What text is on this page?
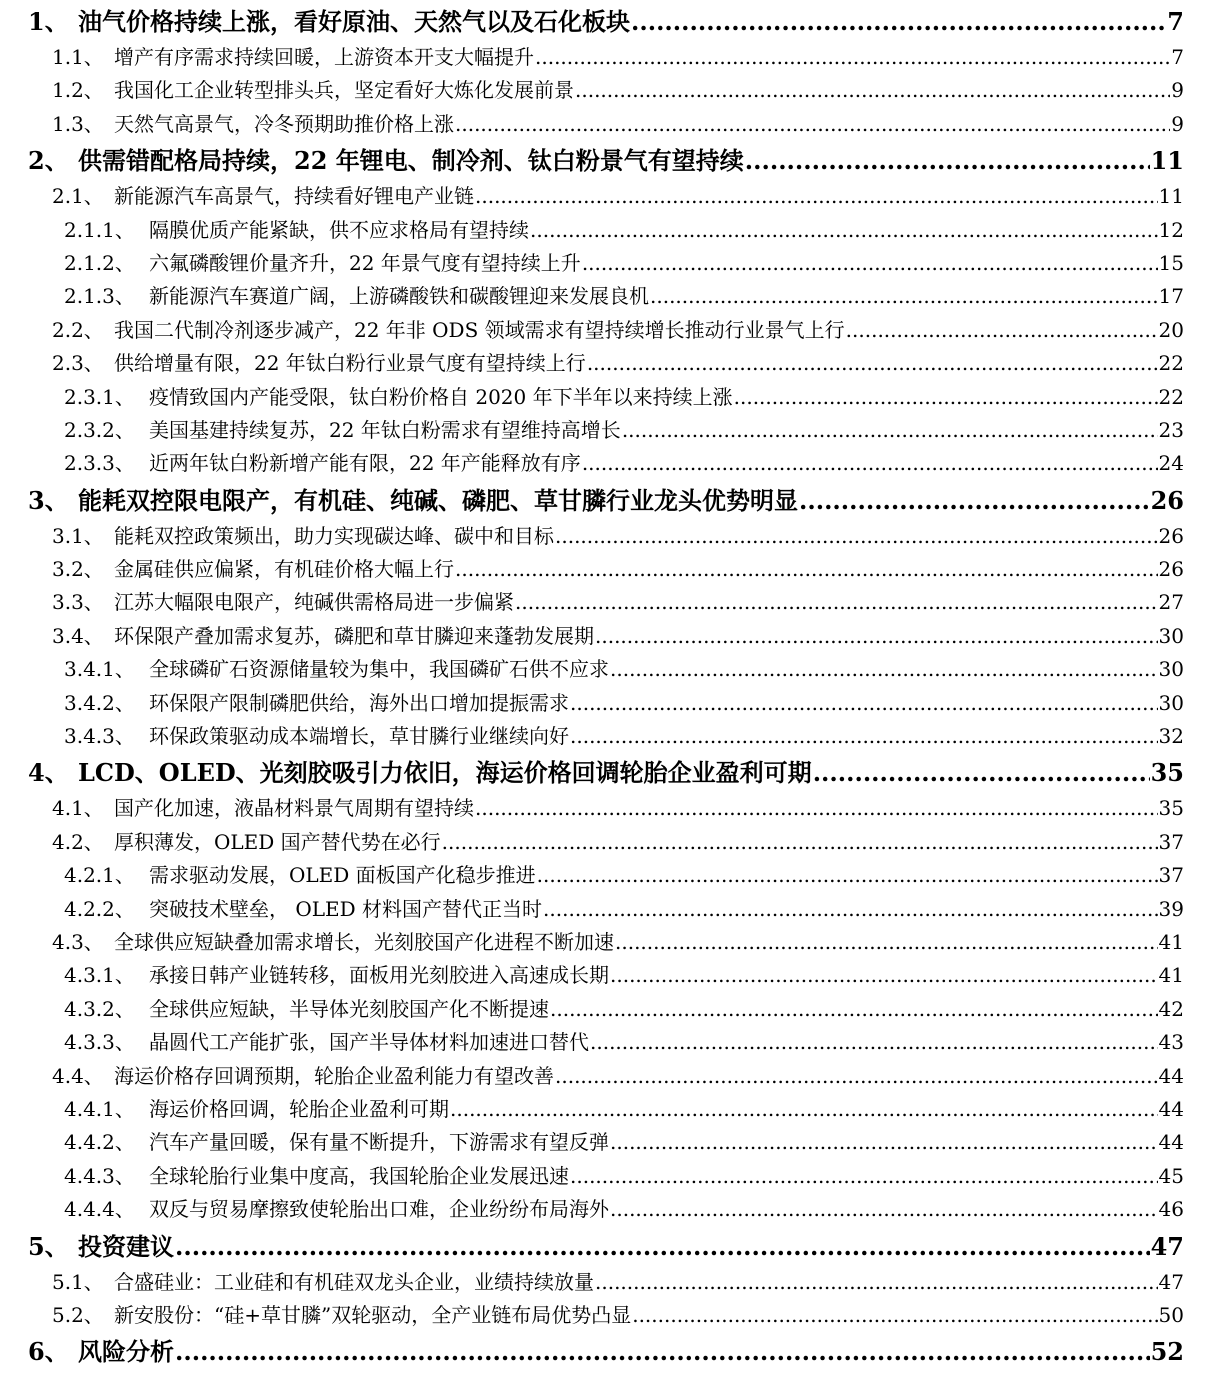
1、 油气价格持续上涨，看好原油、天然气以及石化板块 .....	7
1.1、 增产有序需求持续回暖，上游资本开支大幅提升 .....	7
1.2、 我国化工企业转型排头兵，坚定看好大炼化发展前景 .....	9
1.3、 天然气高景气，冷冬预期助推价格上涨 .....	9
2、 供需错配格局持续，22 年锂电、制冷剂、钛白粉景气有望持续 .....	11
2.1、 新能源汽车高景气，持续看好锂电产业链 .....	11
2.1.1、 隔膜优质产能紧缺，供不应求格局有望持续 .....	12
2.1.2、 六氟磷酸锂价量齐升，22 年景气度有望持续上升 .....	15
2.1.3、 新能源汽车赛道广阔，上游磷酸铁和碳酸锂迎来发展良机 .....	17
2.2、 我国二代制冷剂逐步减产，22 年非 ODS 领域需求有望持续增长推动行业景气上行 .....	20
2.3、 供给增量有限，22 年钛白粉行业景气度有望持续上行 .....	22
2.3.1、 疫情致国内产能受限，钛白粉价格自 2020 年下半年以来持续上涨 .....	22
2.3.2、 美国基建持续复苏，22 年钛白粉需求有望维持高增长 .....	23
2.3.3、 近两年钛白粉新增产能有限，22 年产能释放有序 .....	24
3、 能耗双控限电限产，有机硅、纯碱、磷肥、草甘膦行业龙头优势明显 .....	26
3.1、 能耗双控政策频出，助力实现碳达峰、碳中和目标 .....	26
3.2、 金属硅供应偏紧，有机硅价格大幅上行 .....	26
3.3、 江苏大幅限电限产，纯碱供需格局进一步偏紧 .....	27
3.4、 环保限产叠加需求复苏，磷肥和草甘膦迎来蓬勃发展期 .....	30
3.4.1、 全球磷矿石资源储量较为集中，我国磷矿石供不应求 .....	30
3.4.2、 环保限产限制磷肥供给，海外出口增加提振需求 .....	30
3.4.3、 环保政策驱动成本端增长，草甘膦行业继续向好 .....	32
4、 LCD、OLED、光刻胶吸引力依旧，海运价格回调轮胎企业盈利可期 .....	35
4.1、 国产化加速，液晶材料景气周期有望持续 .....	35
4.2、 厚积薄发，OLED 国产替代势在必行 .....	37
4.2.1、 需求驱动发展，OLED 面板国产化稳步推进 .....	37
4.2.2、 突破技术壁垒， OLED 材料国产替代正当时 .....	39
4.3、 全球供应短缺叠加需求增长，光刻胶国产化进程不断加速 .....	41
4.3.1、 承接日韩产业链转移，面板用光刻胶进入高速成长期 .....	41
4.3.2、 全球供应短缺，半导体光刻胶国产化不断提速 .....	42
4.3.3、 晶圆代工产能扩张，国产半导体材料加速进口替代 .....	43
4.4、 海运价格存回调预期，轮胎企业盈利能力有望改善 .....	44
4.4.1、 海运价格回调，轮胎企业盈利可期 .....	44
4.4.2、 汽车产量回暖，保有量不断提升，下游需求有望反弹 .....	44
4.4.3、 全球轮胎行业集中度高，我国轮胎企业发展迅速 .....	45
4.4.4、 双反与贸易摩擦致使轮胎出口难，企业纷纷布局海外 .....	46
5、 投资建议 .....	47
5.1、 合盛硅业：工业硅和有机硅双龙头企业，业绩持续放量 .....	47
5.2、 新安股份：“硅+草甘膦”双轮驱动，全产业链布局优势凸显 .....	50
6、 风险分析 .....	52
